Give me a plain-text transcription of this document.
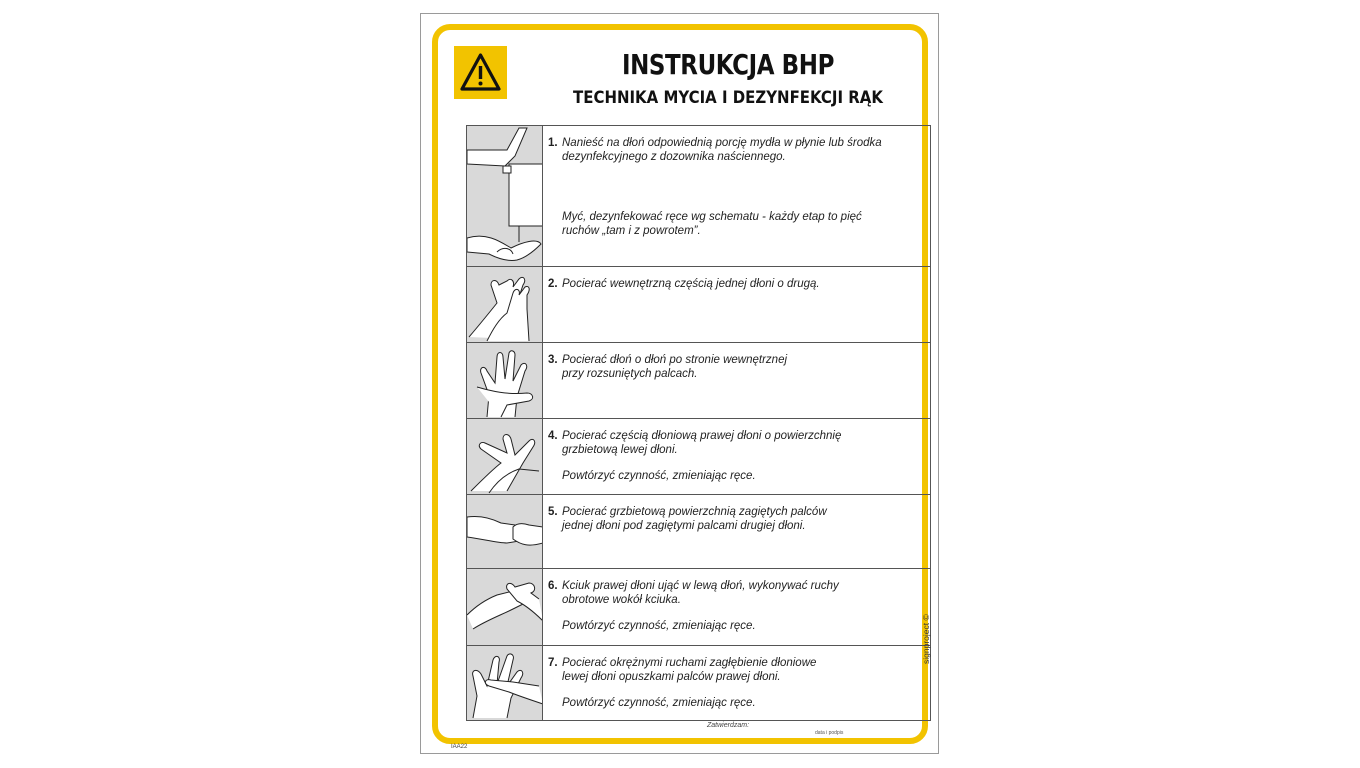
INSTRUKCJA BHP
TECHNIKA MYCIA I DEZYNFEKCJI RĄK
1. Nanieść na dłoń odpowiednią porcję mydła w płynie lub środka
dezynfekcyjnego z dozownika naściennego.
Myć, dezynfekować ręce wg schematu - każdy etap to pięć
ruchów „tam i z powrotem”.
2. Pocierać wewnętrzną częścią jednej dłoni o drugą.
3. Pocierać dłoń o dłoń po stronie wewnętrznej
przy rozsuniętych palcach.
4. Pocierać częścią dłoniową prawej dłoni o powierzchnię
grzbietową lewej dłoni.
Powtórzyć czynność, zmieniając ręce.
5. Pocierać grzbietową powierzchnią zagiętych palców
jednej dłoni pod zagiętymi palcami drugiej dłoni.
6. Kciuk prawej dłoni ująć w lewą dłoń, wykonywać ruchy
obrotowe wokół kciuka.
Powtórzyć czynność, zmieniając ręce.
7. Pocierać okrężnymi ruchami zagłębienie dłoniowe
lewej dłoni opuszkami palców prawej dłoni.
Powtórzyć czynność, zmieniając ręce.
Zatwierdzam:
data i podpis
IAA22
signproject ©
